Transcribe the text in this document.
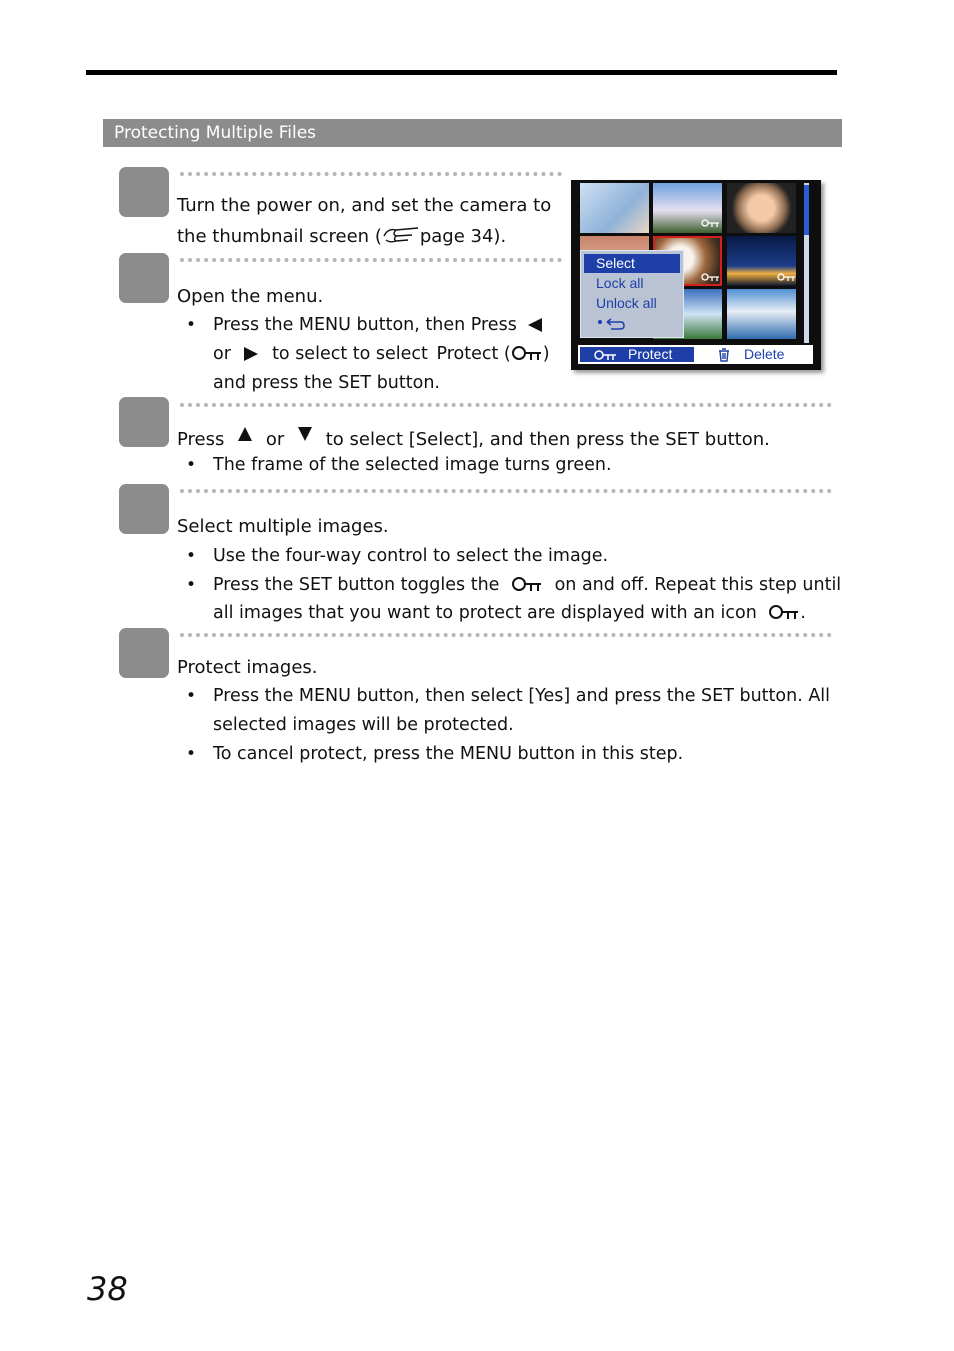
Protecting Multiple Files
Turn the power on, and set the camera to
the thumbnail screen ( page 34).
Open the menu.
• Press the MENU button, then Press
or to select to select Protect ( )
and press the SET button.
Press or to select [Select], and then press the SET button.
• The frame of the selected image turns green.
Select multiple images.
• Use the four-way control to select the image.
• Press the SET button toggles the	on and off. Repeat this step until
all images that you want to protect are displayed with an icon .
Protect images.
• Press the MENU button, then select [Yes] and press the SET button. All
selected images will be protected.
• To cancel protect, press the MENU button in this step.
Select
Lock all
Unlock all
Protect	Delete
38
